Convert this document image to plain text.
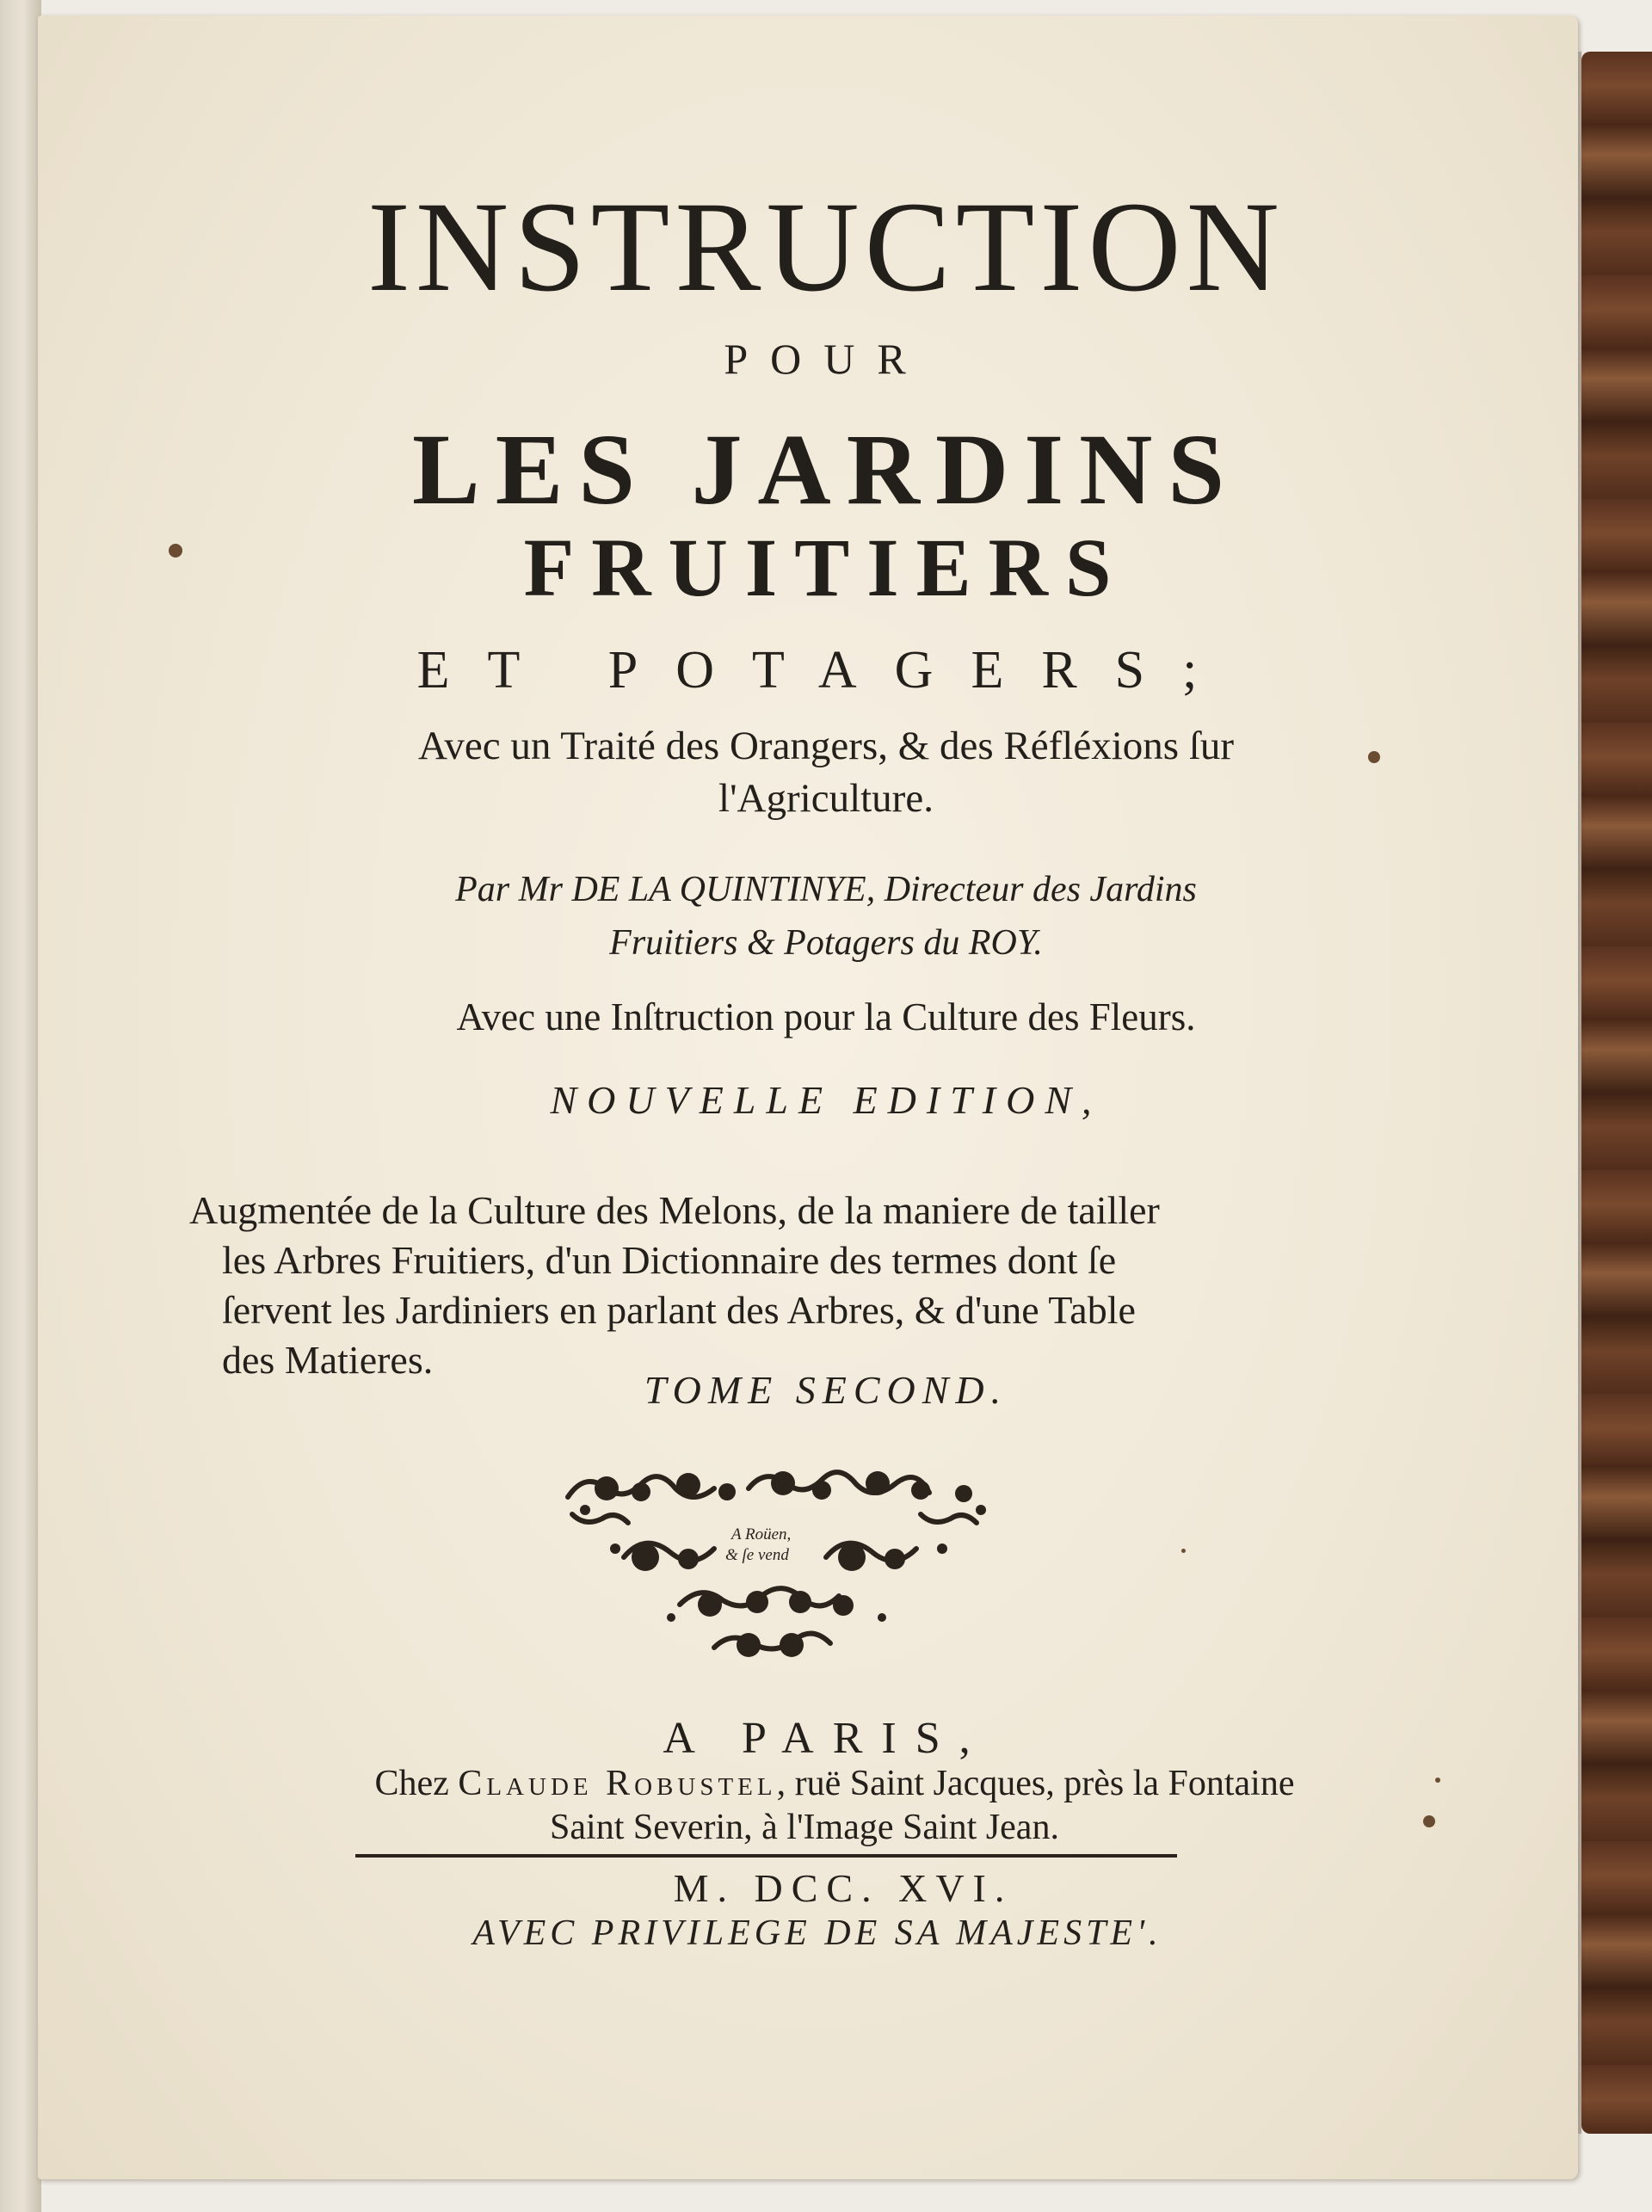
INSTRUCTION

POUR

LES JARDINS

FRUITIERS

ET POTAGERS;

Avec un Traité des Orangers, & des Réfléxions ſur

l'Agriculture.

Par Mr DE LA QUINTINYE, Directeur des Jardins

Fruitiers & Potagers du ROY.

Avec une Inſtruction pour la Culture des Fleurs.

NOUVELLE EDITION,

Augmentée de la Culture des Melons, de la maniere de tailler

les Arbres Fruitiers, d'un Dictionnaire des termes dont ſe

ſervent les Jardiniers en parlant des Arbres, & d'une Table

des Matieres.

TOME SECOND.

A Roüen,
& ſe vend

A PARIS,

Chez Claude Robustel, ruë Saint Jacques, près la Fontaine

Saint Severin, à l'Image Saint Jean.

M. DCC. XVI.

AVEC PRIVILEGE DE SA MAJESTE'.
